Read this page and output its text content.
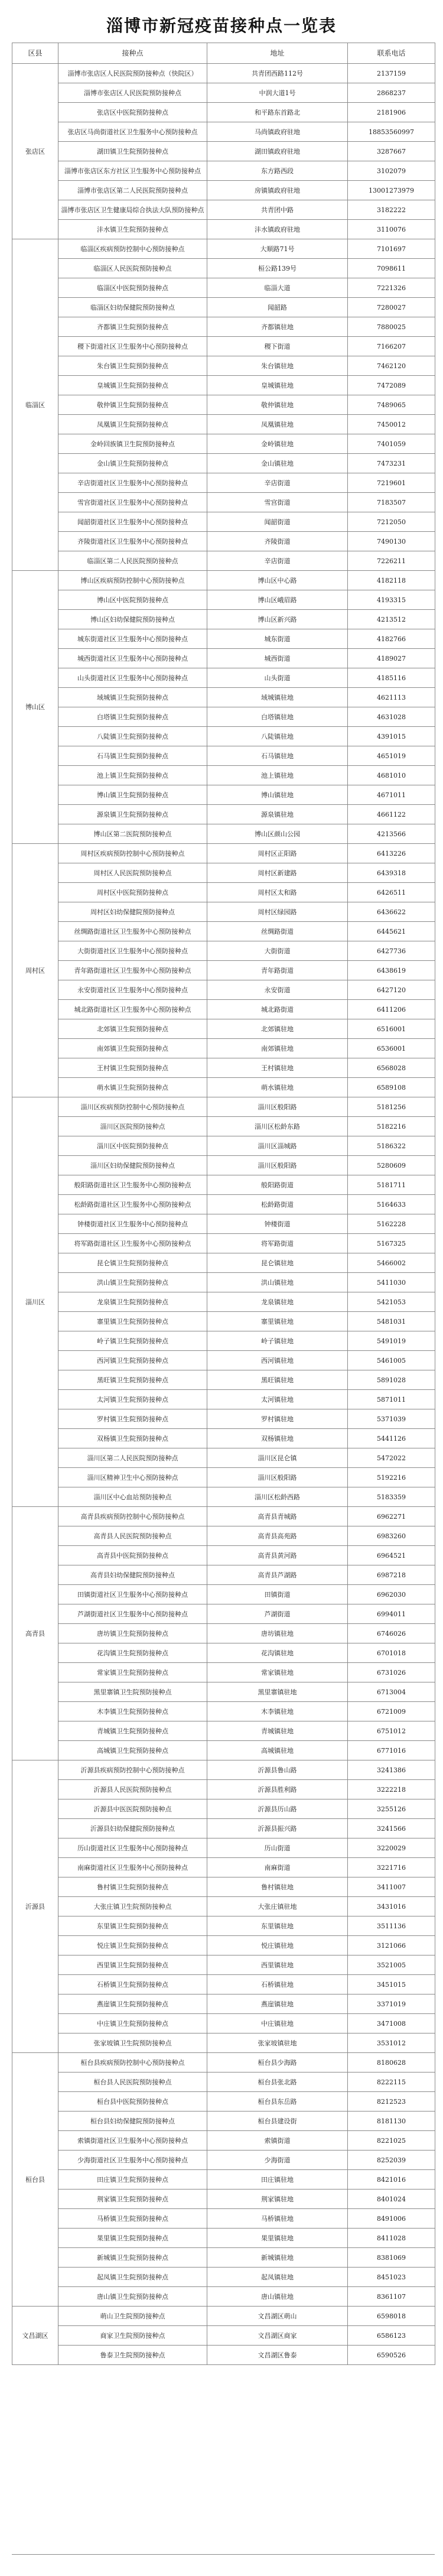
淄博市新冠疫苗接种点一览表
区县	接种点	地址	联系电话
张店区	淄博市张店区人民医院预防接种点（快院区）	共青团西路112号	2137159
	淄博市张店区人民医院预防接种点	中润大道1号	2868237
	张店区中医院预防接种点	和平路东首路北	2181906
	张店区马尚街道社区卫生服务中心预防接种点	马尚镇政府驻地	18853560997
	湖田镇卫生院预防接种点	湖田镇政府驻地	3287667
	淄博市张店区东方社区卫生服务中心预防接种点	东方路西段	3102079
	淄博市张店区第二人民医院预防接种点	房镇镇政府驻地	13001273979
	淄博市张店区卫生健康局综合执法大队预防接种点	共青团中路	3182222
	沣水镇卫生院预防接种点	沣水镇政府驻地	3110076
临淄区	临淄区疾病预防控制中心预防接种点	大顺路71号	7101697
	临淄区人民医院预防接种点	桓公路139号	7098611
	临淄区中医院预防接种点	临淄大道	7221326
	临淄区妇幼保健院预防接种点	闻韶路	7280027
	齐都镇卫生院预防接种点	齐都镇驻地	7880025
	稷下街道社区卫生服务中心预防接种点	稷下街道	7166207
	朱台镇卫生院预防接种点	朱台镇驻地	7462120
	皇城镇卫生院预防接种点	皇城镇驻地	7472089
	敬仲镇卫生院预防接种点	敬仲镇驻地	7489065
	凤凰镇卫生院预防接种点	凤凰镇驻地	7450012
	金岭回族镇卫生院预防接种点	金岭镇驻地	7401059
	金山镇卫生院预防接种点	金山镇驻地	7473231
	辛店街道社区卫生服务中心预防接种点	辛店街道	7219601
	雪宫街道社区卫生服务中心预防接种点	雪宫街道	7183507
	闻韶街道社区卫生服务中心预防接种点	闻韶街道	7212050
	齐陵街道社区卫生服务中心预防接种点	齐陵街道	7490130
	临淄区第二人民医院预防接种点	辛店街道	7226211
博山区	博山区疾病预防控制中心预防接种点	博山区中心路	4182118
	博山区中医院预防接种点	博山区峨眉路	4193315
	博山区妇幼保健院预防接种点	博山区新兴路	4213512
	城东街道社区卫生服务中心预防接种点	城东街道	4182766
	城西街道社区卫生服务中心预防接种点	城西街道	4189027
	山头街道社区卫生服务中心预防接种点	山头街道	4185116
	域城镇卫生院预防接种点	域城镇驻地	4621113
	白塔镇卫生院预防接种点	白塔镇驻地	4631028
	八陡镇卫生院预防接种点	八陡镇驻地	4391015
	石马镇卫生院预防接种点	石马镇驻地	4651019
	池上镇卫生院预防接种点	池上镇驻地	4681010
	博山镇卫生院预防接种点	博山镇驻地	4671011
	源泉镇卫生院预防接种点	源泉镇驻地	4661122
	博山区第二医院预防接种点	博山区颜山公园	4213566
周村区	周村区疾病预防控制中心预防接种点	周村区正阳路	6413226
	周村区人民医院预防接种点	周村区新建路	6439318
	周村区中医院预防接种点	周村区太和路	6426511
	周村区妇幼保健院预防接种点	周村区绿园路	6436622
	丝绸路街道社区卫生服务中心预防接种点	丝绸路街道	6445621
	大街街道社区卫生服务中心预防接种点	大街街道	6427736
	青年路街道社区卫生服务中心预防接种点	青年路街道	6438619
	永安街道社区卫生服务中心预防接种点	永安街道	6427120
	城北路街道社区卫生服务中心预防接种点	城北路街道	6411206
	北郊镇卫生院预防接种点	北郊镇驻地	6516001
	南郊镇卫生院预防接种点	南郊镇驻地	6536001
	王村镇卫生院预防接种点	王村镇驻地	6568028
	萌水镇卫生院预防接种点	萌水镇驻地	6589108
淄川区	淄川区疾病预防控制中心预防接种点	淄川区般阳路	5181256
	淄川区医院预防接种点	淄川区松龄东路	5182216
	淄川区中医院预防接种点	淄川区淄城路	5186322
	淄川区妇幼保健院预防接种点	淄川区般阳路	5280609
	般阳路街道社区卫生服务中心预防接种点	般阳路街道	5181711
	松龄路街道社区卫生服务中心预防接种点	松龄路街道	5164633
	钟楼街道社区卫生服务中心预防接种点	钟楼街道	5162228
	将军路街道社区卫生服务中心预防接种点	将军路街道	5167325
	昆仑镇卫生院预防接种点	昆仑镇驻地	5466002
	洪山镇卫生院预防接种点	洪山镇驻地	5411030
	龙泉镇卫生院预防接种点	龙泉镇驻地	5421053
	寨里镇卫生院预防接种点	寨里镇驻地	5481031
	岭子镇卫生院预防接种点	岭子镇驻地	5491019
	西河镇卫生院预防接种点	西河镇驻地	5461005
	黑旺镇卫生院预防接种点	黑旺镇驻地	5891028
	太河镇卫生院预防接种点	太河镇驻地	5871011
	罗村镇卫生院预防接种点	罗村镇驻地	5371039
	双杨镇卫生院预防接种点	双杨镇驻地	5441126
	淄川区第二人民医院预防接种点	淄川区昆仑镇	5472022
	淄川区精神卫生中心预防接种点	淄川区般阳路	5192216
	淄川区中心血站预防接种点	淄川区松龄西路	5183359
高青县	高青县疾病预防控制中心预防接种点	高青县青城路	6962271
	高青县人民医院预防接种点	高青县高苑路	6983260
	高青县中医院预防接种点	高青县黄河路	6964521
	高青县妇幼保健院预防接种点	高青县芦湖路	6987218
	田镇街道社区卫生服务中心预防接种点	田镇街道	6962030
	芦湖街道社区卫生服务中心预防接种点	芦湖街道	6994011
	唐坊镇卫生院预防接种点	唐坊镇驻地	6746026
	花沟镇卫生院预防接种点	花沟镇驻地	6701018
	常家镇卫生院预防接种点	常家镇驻地	6731026
	黑里寨镇卫生院预防接种点	黑里寨镇驻地	6713004
	木李镇卫生院预防接种点	木李镇驻地	6721009
	青城镇卫生院预防接种点	青城镇驻地	6751012
	高城镇卫生院预防接种点	高城镇驻地	6771016
沂源县	沂源县疾病预防控制中心预防接种点	沂源县鲁山路	3241386
	沂源县人民医院预防接种点	沂源县胜利路	3222218
	沂源县中医医院预防接种点	沂源县历山路	3255126
	沂源县妇幼保健院预防接种点	沂源县振兴路	3241566
	历山街道社区卫生服务中心预防接种点	历山街道	3220029
	南麻街道社区卫生服务中心预防接种点	南麻街道	3221716
	鲁村镇卫生院预防接种点	鲁村镇驻地	3411007
	大张庄镇卫生院预防接种点	大张庄镇驻地	3431016
	东里镇卫生院预防接种点	东里镇驻地	3511136
	悦庄镇卫生院预防接种点	悦庄镇驻地	3121066
	西里镇卫生院预防接种点	西里镇驻地	3521005
	石桥镇卫生院预防接种点	石桥镇驻地	3451015
	燕崖镇卫生院预防接种点	燕崖镇驻地	3371019
	中庄镇卫生院预防接种点	中庄镇驻地	3471008
	张家坡镇卫生院预防接种点	张家坡镇驻地	3531012
桓台县	桓台县疾病预防控制中心预防接种点	桓台县少海路	8180628
	桓台县人民医院预防接种点	桓台县张北路	8222115
	桓台县中医院预防接种点	桓台县东岳路	8212523
	桓台县妇幼保健院预防接种点	桓台县建设街	8181130
	索镇街道社区卫生服务中心预防接种点	索镇街道	8221025
	少海街道社区卫生服务中心预防接种点	少海街道	8252039
	田庄镇卫生院预防接种点	田庄镇驻地	8421016
	荆家镇卫生院预防接种点	荆家镇驻地	8401024
	马桥镇卫生院预防接种点	马桥镇驻地	8491006
	果里镇卫生院预防接种点	果里镇驻地	8411028
	新城镇卫生院预防接种点	新城镇驻地	8381069
	起凤镇卫生院预防接种点	起凤镇驻地	8451023
	唐山镇卫生院预防接种点	唐山镇驻地	8361107
文昌湖区	萌山卫生院预防接种点	文昌湖区萌山	6598018
	商家卫生院预防接种点	文昌湖区商家	6586123
	鲁泰卫生院预防接种点	文昌湖区鲁泰	6590526
